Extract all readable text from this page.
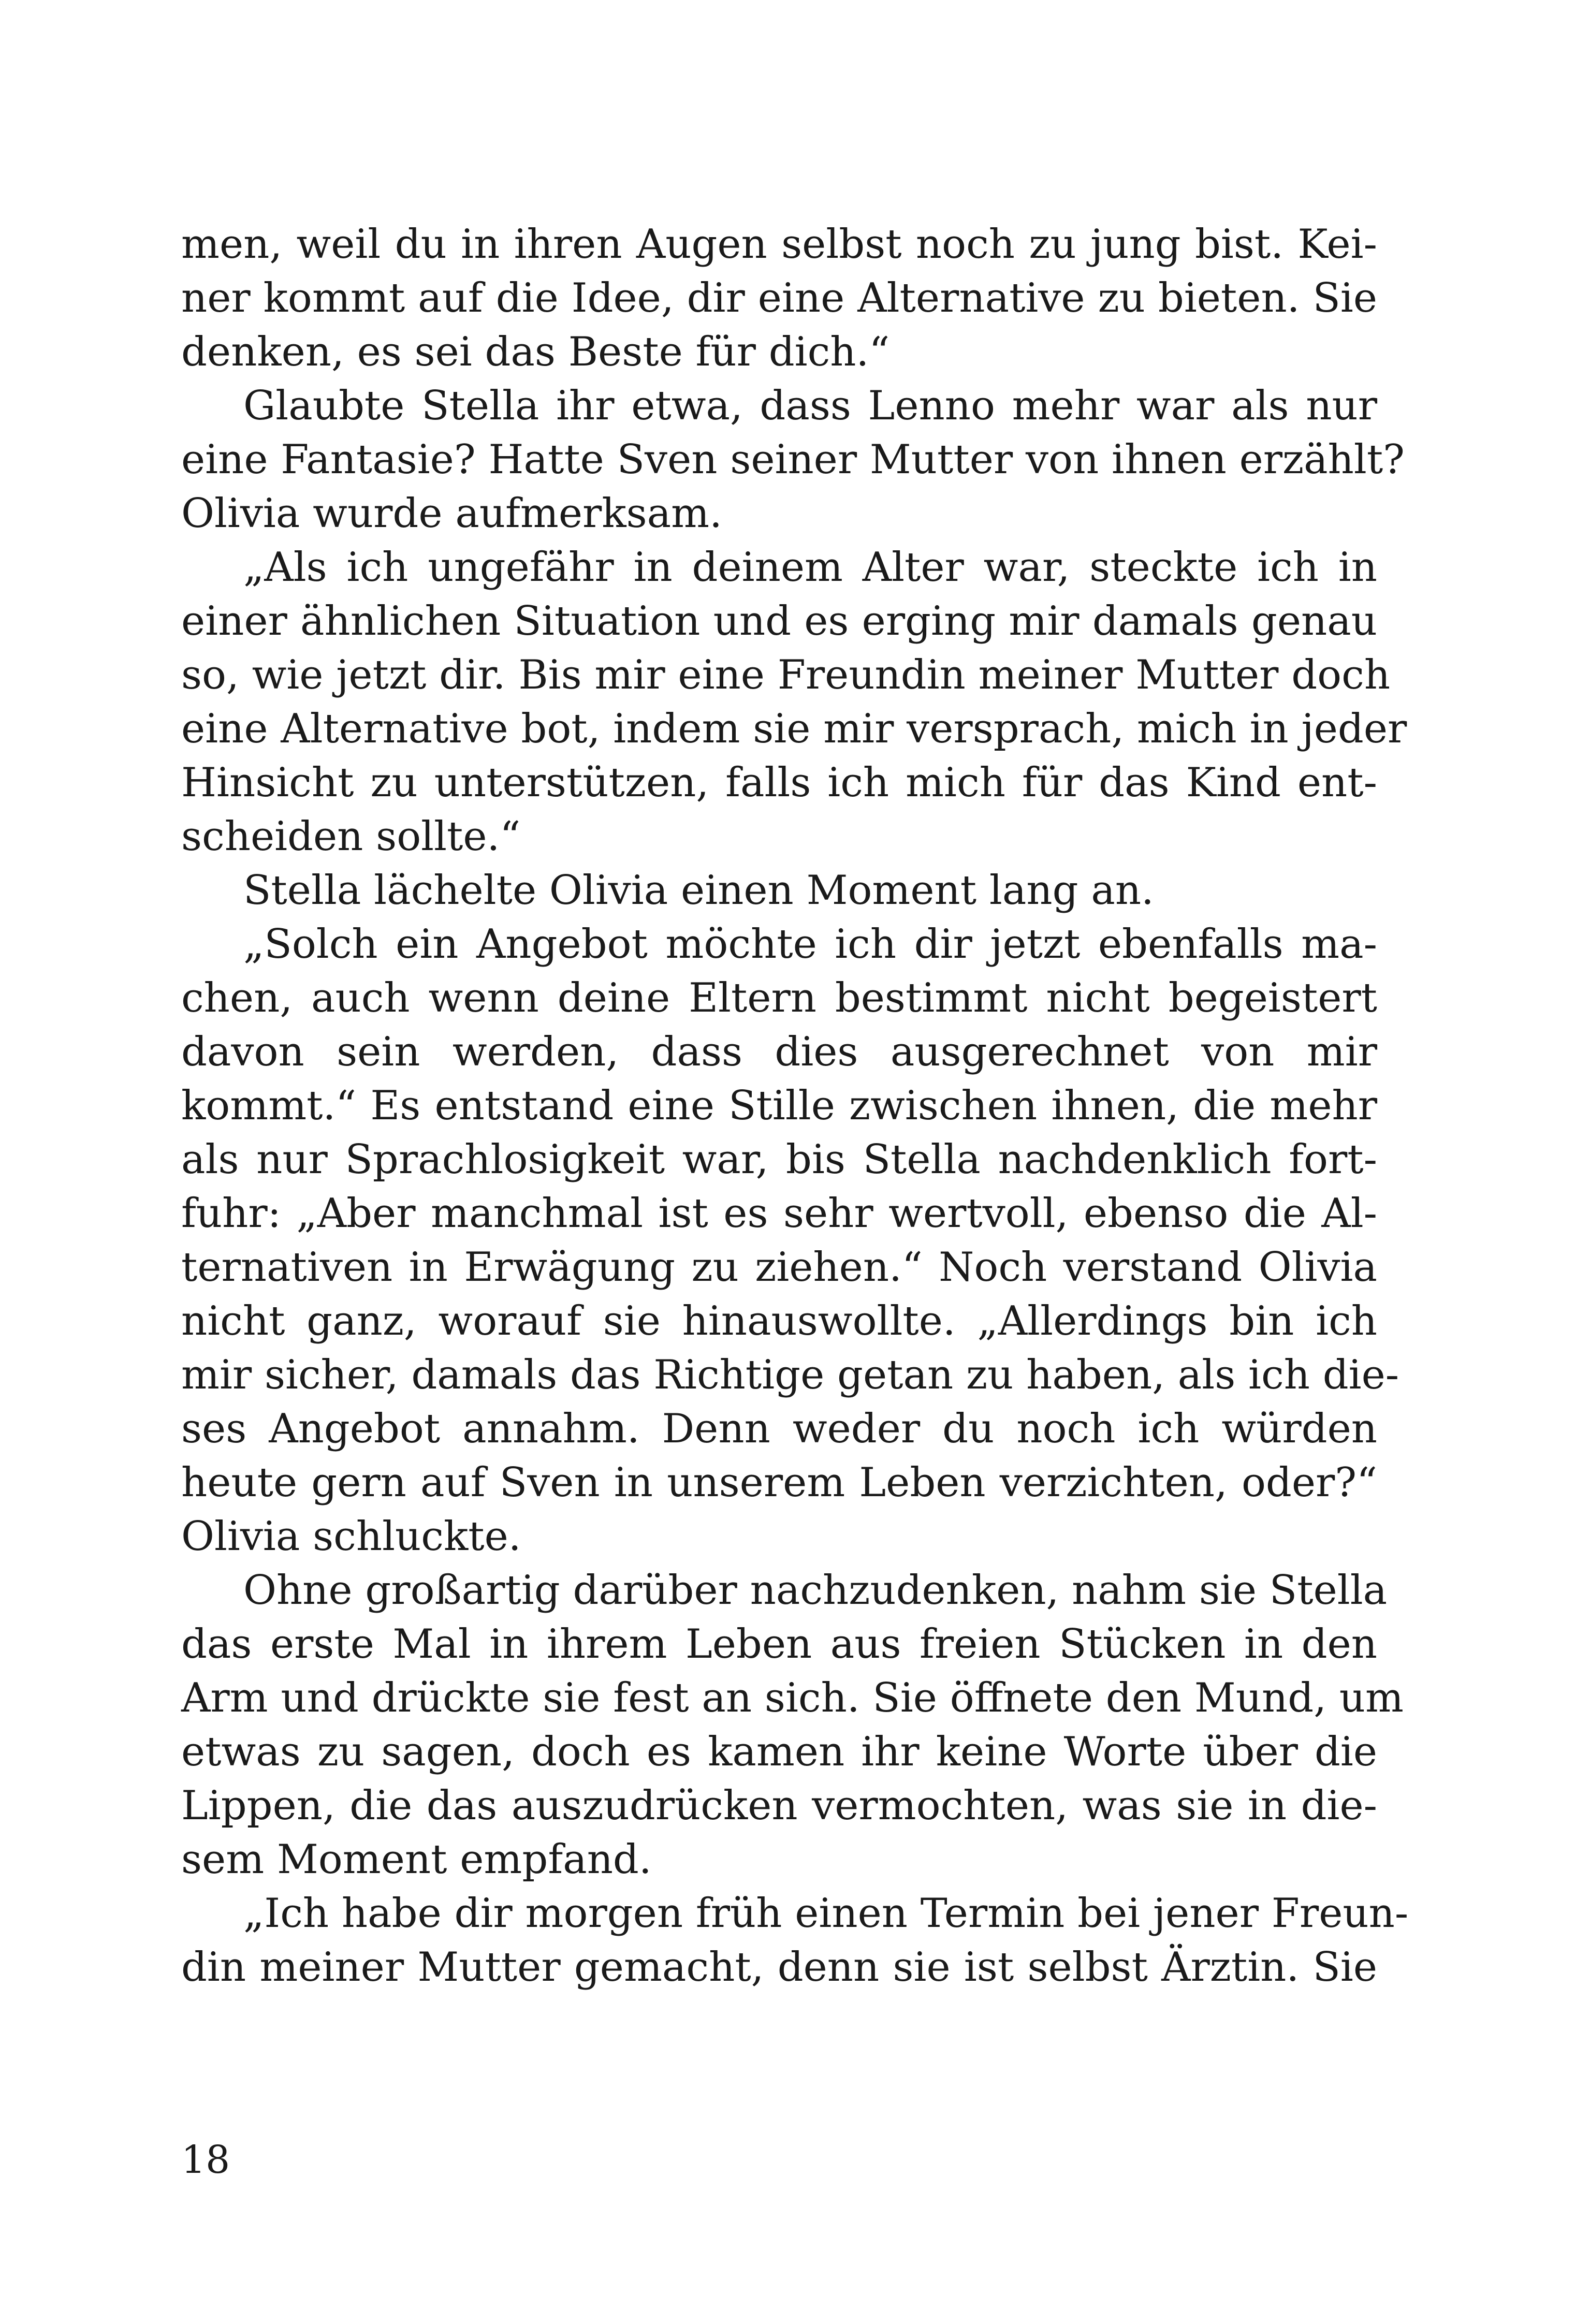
men, weil du in ihren Augen selbst noch zu jung bist. Kei-
ner kommt auf die Idee, dir eine Alternative zu bieten. Sie
denken, es sei das Beste für dich.“
Glaubte Stella ihr etwa, dass Lenno mehr war als nur
eine Fantasie? Hatte Sven seiner Mutter von ihnen erzählt?
Olivia wurde aufmerksam.
„Als ich ungefähr in deinem Alter war, steckte ich in
einer ähnlichen Situation und es erging mir damals genau
so, wie jetzt dir. Bis mir eine Freundin meiner Mutter doch
eine Alternative bot, indem sie mir versprach, mich in jeder
Hinsicht zu unterstützen, falls ich mich für das Kind ent-
scheiden sollte.“
Stella lächelte Olivia einen Moment lang an.
„Solch ein Angebot möchte ich dir jetzt ebenfalls ma-
chen, auch wenn deine Eltern bestimmt nicht begeistert
davon sein werden, dass dies ausgerechnet von mir
kommt.“ Es entstand eine Stille zwischen ihnen, die mehr
als nur Sprachlosigkeit war, bis Stella nachdenklich fort-
fuhr: „Aber manchmal ist es sehr wertvoll, ebenso die Al-
ternativen in Erwägung zu ziehen.“ Noch verstand Olivia
nicht ganz, worauf sie hinauswollte. „Allerdings bin ich
mir sicher, damals das Richtige getan zu haben, als ich die-
ses Angebot annahm. Denn weder du noch ich würden
heute gern auf Sven in unserem Leben verzichten, oder?“
Olivia schluckte.
Ohne großartig darüber nachzudenken, nahm sie Stella
das erste Mal in ihrem Leben aus freien Stücken in den
Arm und drückte sie fest an sich. Sie öffnete den Mund, um
etwas zu sagen, doch es kamen ihr keine Worte über die
Lippen, die das auszudrücken vermochten, was sie in die-
sem Moment empfand.
„Ich habe dir morgen früh einen Termin bei jener Freun-
din meiner Mutter gemacht, denn sie ist selbst Ärztin. Sie
18
